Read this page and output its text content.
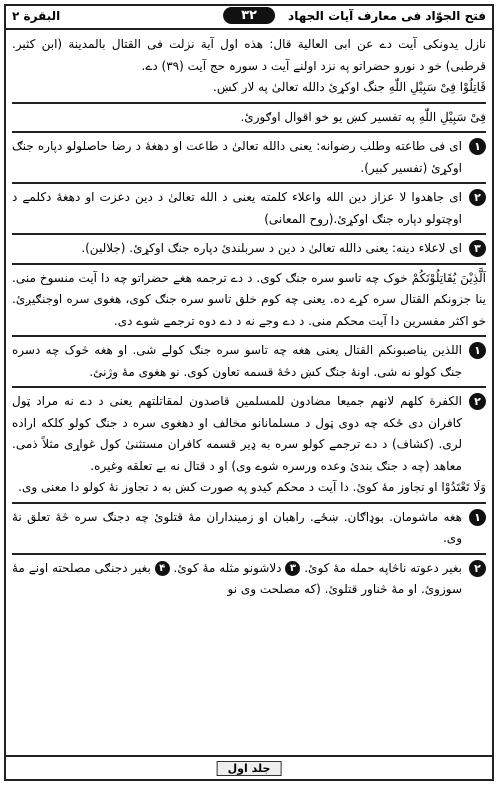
فتح الجوّاد فی معارف آیات الجهاد
۳۲
البقرة ۲

نازل یدونکی آیت دے عن ابی العالیة قال: هذه اول آیة نزلت فی القتال بالمدینة (ابن کثیر. قرطبی) خو د نورو حضراتو په نزد اولنے آیت د سورہ حج آیت (۳۹) دے.

قَاتِلُوْا فِیْ سَبِیْلِ اللّٰهِ جنگ اوکړئ دالله تعالیٰ په لار کښ.

فِیْ سَبِیْلِ اللّٰهِ په تفسیر کښ یو خو اقوال اوګورئ.

۱
ای فی طاعته وطلب رضوانه: یعنی دالله تعالیٰ د طاعت او دهغهٔ د رضا حاصلولو دپاره جنګ اوکړئ (تفسیر کبیر).
۲
ای جاهدوا لا عزاز دین الله واعلاء کلمته یعنی د الله تعالیٰ د دین دعزت او دهغهٔ دکلمے د اوچتولو دپاره جنګ اوکړئ.(روح المعانی)
۳
ای لاعلاء دینه: یعنی دالله تعالیٰ د دین د سربلندئ دپاره جنګ اوکړئ. (جلالین).

اَلَّذِیْنَ یُقَاتِلُوْنَکُمْ خوک چه تاسو سره جنګ کوی. د دے ترجمه هغے حضراتو چه دا آیت منسوخ منی. ینا جزونکم القتال سره کړے ده. یعنی چه کوم خلق تاسو سره جنګ کوی، هغوی سره اوجنګیږئ. خو اکثر مفسرین دا آیت محکم منی. د دے وجے نه د دے دوه ترجمے شوے دی.

۱
اللذین یناصبونکم القتال یعنی هغه چه تاسو سره جنګ کولے شی. او هغه څوک چه دسره جنګ کولو نه شی. اونهٔ جنګ کښ دڅهٔ قسمه تعاون کوی. نو هغوی مهٔ وژنئ.
۲
الکفرة کلهم لانهم جمیعا مضادون للمسلمین قاصدون لمقاتلتهم یعنی د دے نه مراد ټول کافران دی ځکه چه دوی ټول د مسلمانانو مخالف او دهغوی سره د جنګ کولو کلکه اراده لری. (کشاف) د دے ترجمے کولو سره به ډیر قسمه کافران مستثنیٰ کول غواړی مثلاً ذمی. معاهد (چه د جنګ بندئ وعده ورسره شوے وی) او د قتال نه بے تعلقه وغیره.

وَلَا تَعْتَدُوْا او تجاوز مهٔ کوئ. دا آیت د محکم کیدو په صورت کښ به د تجاوز نهٔ کولو دا معنی وی.

۱
هغه ماشومان. بوډاګان. ښځے. راهبان او زمینداران مهٔ قتلوئ چه دجنګ سره څهٔ تعلق نهٔ وی.
۲
بغیر دعوته ناڅاپه حمله مهٔ کوئ. ۳ دلاشونو مثله مهٔ کوئ. ۴ بغیر دجنګی مصلحته اونے مهٔ سوزوئ. او مهٔ څناور قتلوئ. (که مصلحت وی نو
جلد اول
